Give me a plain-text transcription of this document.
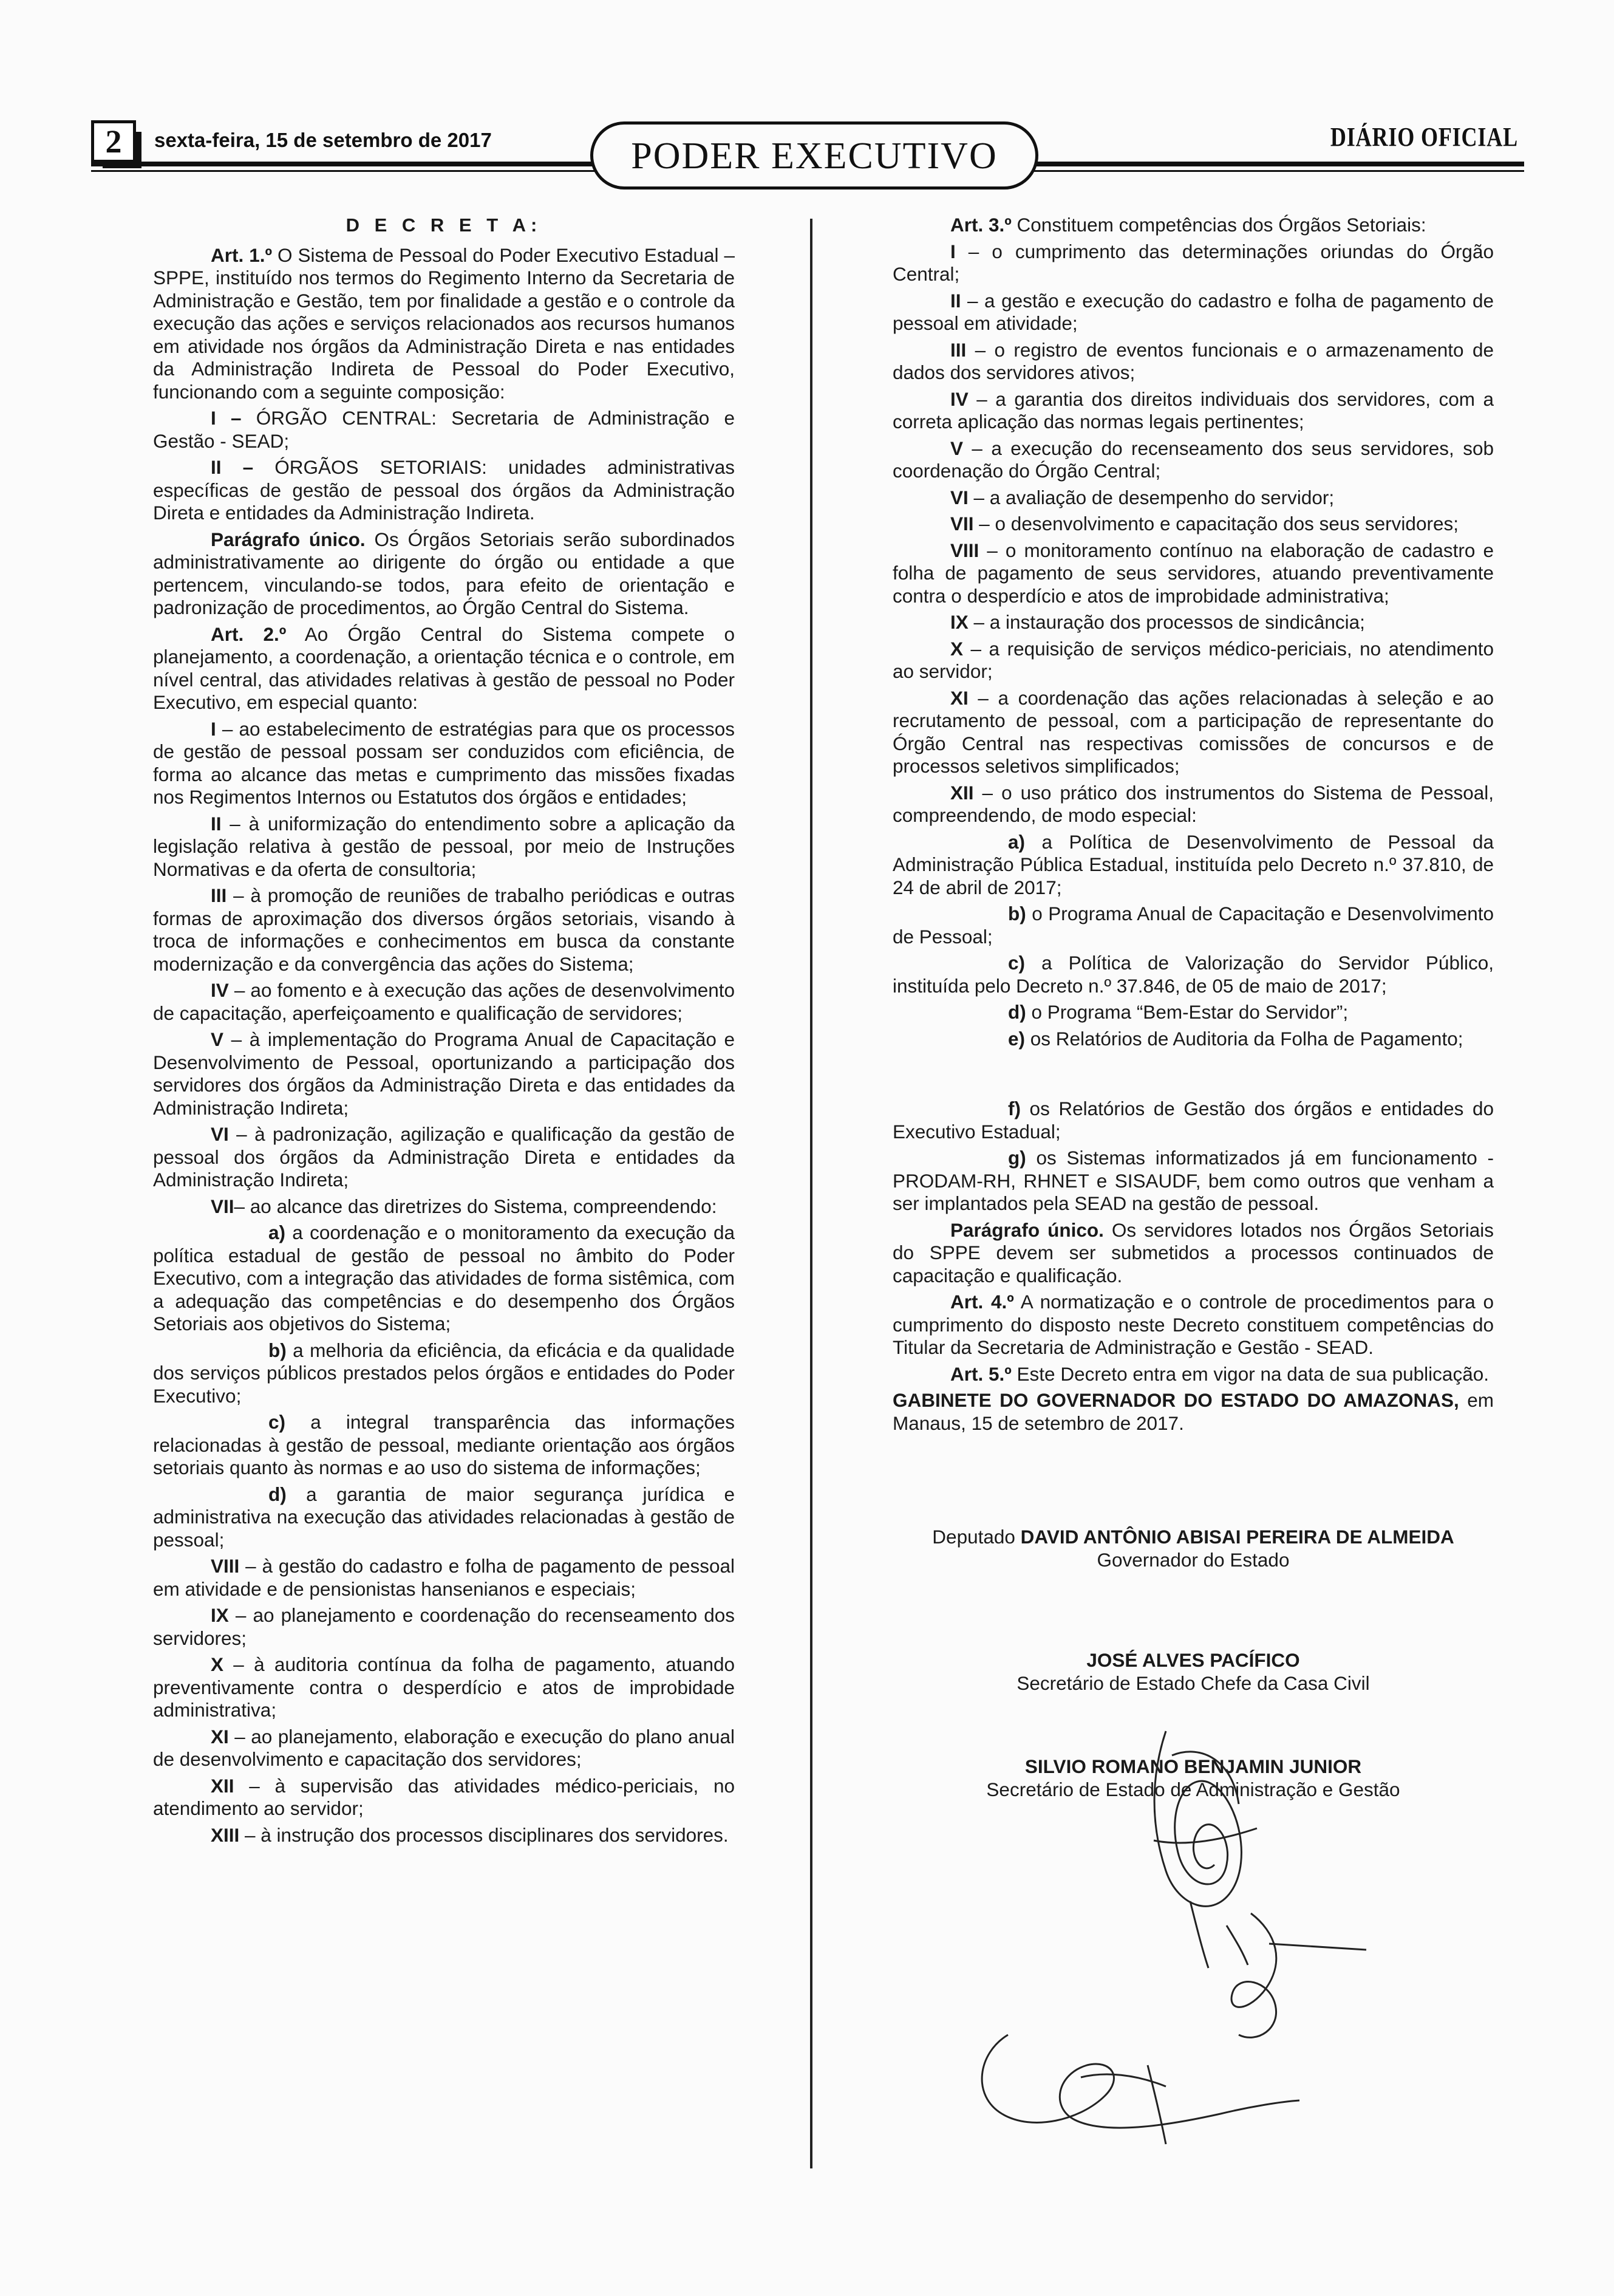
2	sexta-feira, 15 de setembro de 2017	PODER EXECUTIVO	DIÁRIO OFICIAL
D E C R E T A:

Art. 1.º O Sistema de Pessoal do Poder Executivo Estadual – SPPE, instituído nos termos do Regimento Interno da Secretaria de Administração e Gestão, tem por finalidade a gestão e o controle da execução das ações e serviços relacionados aos recursos humanos em atividade nos órgãos da Administração Direta e nas entidades da Administração Indireta de Pessoal do Poder Executivo, funcionando com a seguinte composição:

I – ÓRGÃO CENTRAL: Secretaria de Administração e Gestão - SEAD;

II – ÓRGÃOS SETORIAIS: unidades administrativas específicas de gestão de pessoal dos órgãos da Administração Direta e entidades da Administração Indireta.

Parágrafo único. Os Órgãos Setoriais serão subordinados administrativamente ao dirigente do órgão ou entidade a que pertencem, vinculando-se todos, para efeito de orientação e padronização de procedimentos, ao Órgão Central do Sistema.

Art. 2.º Ao Órgão Central do Sistema compete o planejamento, a coordenação, a orientação técnica e o controle, em nível central, das atividades relativas à gestão de pessoal no Poder Executivo, em especial quanto:

I – ao estabelecimento de estratégias para que os processos de gestão de pessoal possam ser conduzidos com eficiência, de forma ao alcance das metas e cumprimento das missões fixadas nos Regimentos Internos ou Estatutos dos órgãos e entidades;

II – à uniformização do entendimento sobre a aplicação da legislação relativa à gestão de pessoal, por meio de Instruções Normativas e da oferta de consultoria;

III – à promoção de reuniões de trabalho periódicas e outras formas de aproximação dos diversos órgãos setoriais, visando à troca de informações e conhecimentos em busca da constante modernização e da convergência das ações do Sistema;

IV – ao fomento e à execução das ações de desenvolvimento de capacitação, aperfeiçoamento e qualificação de servidores;

V – à implementação do Programa Anual de Capacitação e Desenvolvimento de Pessoal, oportunizando a participação dos servidores dos órgãos da Administração Direta e das entidades da Administração Indireta;

VI – à padronização, agilização e qualificação da gestão de pessoal dos órgãos da Administração Direta e entidades da Administração Indireta;

VII– ao alcance das diretrizes do Sistema, compreendendo:

a) a coordenação e o monitoramento da execução da política estadual de gestão de pessoal no âmbito do Poder Executivo, com a integração das atividades de forma sistêmica, com a adequação das competências e do desempenho dos Órgãos Setoriais aos objetivos do Sistema;

b) a melhoria da eficiência, da eficácia e da qualidade dos serviços públicos prestados pelos órgãos e entidades do Poder Executivo;

c) a integral transparência das informações relacionadas à gestão de pessoal, mediante orientação aos órgãos setoriais quanto às normas e ao uso do sistema de informações;

d) a garantia de maior segurança jurídica e administrativa na execução das atividades relacionadas à gestão de pessoal;

VIII – à gestão do cadastro e folha de pagamento de pessoal em atividade e de pensionistas hansenianos e especiais;

IX – ao planejamento e coordenação do recenseamento dos servidores;

X – à auditoria contínua da folha de pagamento, atuando preventivamente contra o desperdício e atos de improbidade administrativa;

XI – ao planejamento, elaboração e execução do plano anual de desenvolvimento e capacitação dos servidores;

XII – à supervisão das atividades médico-periciais, no atendimento ao servidor;

XIII – à instrução dos processos disciplinares dos servidores.

Art. 3.º Constituem competências dos Órgãos Setoriais:

I – o cumprimento das determinações oriundas do Órgão Central;

II – a gestão e execução do cadastro e folha de pagamento de pessoal em atividade;

III – o registro de eventos funcionais e o armazenamento de dados dos servidores ativos;

IV – a garantia dos direitos individuais dos servidores, com a correta aplicação das normas legais pertinentes;

V – a execução do recenseamento dos seus servidores, sob coordenação do Órgão Central;

VI – a avaliação de desempenho do servidor;

VII – o desenvolvimento e capacitação dos seus servidores;

VIII – o monitoramento contínuo na elaboração de cadastro e folha de pagamento de seus servidores, atuando preventivamente contra o desperdício e atos de improbidade administrativa;

IX – a instauração dos processos de sindicância;

X – a requisição de serviços médico-periciais, no atendimento ao servidor;

XI – a coordenação das ações relacionadas à seleção e ao recrutamento de pessoal, com a participação de representante do Órgão Central nas respectivas comissões de concursos e de processos seletivos simplificados;

XII – o uso prático dos instrumentos do Sistema de Pessoal, compreendendo, de modo especial:

a) a Política de Desenvolvimento de Pessoal da Administração Pública Estadual, instituída pelo Decreto n.º 37.810, de 24 de abril de 2017;

b) o Programa Anual de Capacitação e Desenvolvimento de Pessoal;

c) a Política de Valorização do Servidor Público, instituída pelo Decreto n.º 37.846, de 05 de maio de 2017;

d) o Programa “Bem-Estar do Servidor”;

e) os Relatórios de Auditoria da Folha de Pagamento;

f) os Relatórios de Gestão dos órgãos e entidades do Executivo Estadual;

g) os Sistemas informatizados já em funcionamento - PRODAM-RH, RHNET e SISAUDF, bem como outros que venham a ser implantados pela SEAD na gestão de pessoal.

Parágrafo único. Os servidores lotados nos Órgãos Setoriais do SPPE devem ser submetidos a processos continuados de capacitação e qualificação.

Art. 4.º A normatização e o controle de procedimentos para o cumprimento do disposto neste Decreto constituem competências do Titular da Secretaria de Administração e Gestão - SEAD.

Art. 5.º Este Decreto entra em vigor na data de sua publicação.

GABINETE DO GOVERNADOR DO ESTADO DO AMAZONAS, em Manaus, 15 de setembro de 2017.

Deputado DAVID ANTÔNIO ABISAI PEREIRA DE ALMEIDA
Governador do Estado
JOSÉ ALVES PACÍFICO
Secretário de Estado Chefe da Casa Civil
SILVIO ROMANO BENJAMIN JUNIOR
Secretário de Estado de Administração e Gestão
